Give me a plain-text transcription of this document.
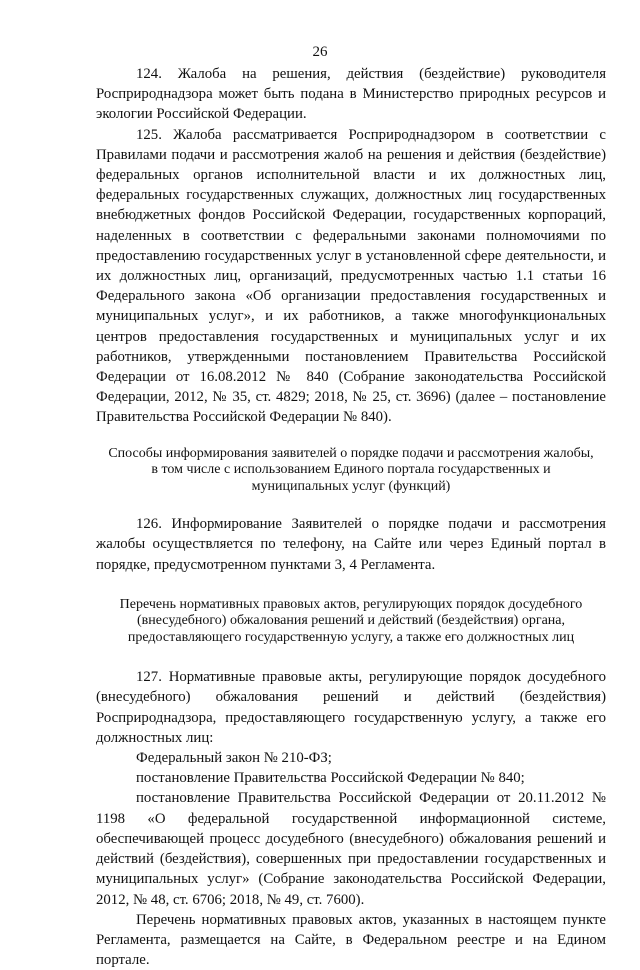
26

124. Жалоба на решения, действия (бездействие) руководителя Росприроднадзора может быть подана в Министерство природных ресурсов и экологии Российской Федерации.

125. Жалоба рассматривается Росприроднадзором в соответствии с Правилами подачи и рассмотрения жалоб на решения и действия (бездействие) федеральных органов исполнительной власти и их должностных лиц, федеральных государственных служащих, должностных лиц государственных внебюджетных фондов Российской Федерации, государственных корпораций, наделенных в соответствии с федеральными законами полномочиями по предоставлению государственных услуг в установленной сфере деятельности, и их должностных лиц, организаций, предусмотренных частью 1.1 статьи 16 Федерального закона «Об организации предоставления государственных и муниципальных услуг», и их работников, а также многофункциональных центров предоставления государственных и муниципальных услуг и их работников, утвержденными постановлением Правительства Российской Федерации от 16.08.2012 № 840 (Собрание законодательства Российской Федерации, 2012, № 35, ст. 4829; 2018, № 25, ст. 3696) (далее – постановление Правительства Российской Федерации № 840).

Способы информирования заявителей о порядке подачи и рассмотрения жалобы, в том числе с использованием Единого портала государственных и муниципальных услуг (функций)

126. Информирование Заявителей о порядке подачи и рассмотрения жалобы осуществляется по телефону, на Сайте или через Единый портал в порядке, предусмотренном пунктами 3, 4 Регламента.

Перечень нормативных правовых актов, регулирующих порядок досудебного (внесудебного) обжалования решений и действий (бездействия) органа, предоставляющего государственную услугу, а также его должностных лиц

127. Нормативные правовые акты, регулирующие порядок досудебного (внесудебного) обжалования решений и действий (бездействия) Росприроднадзора, предоставляющего государственную услугу, а также его должностных лиц:

Федеральный закон № 210-ФЗ;

постановление Правительства Российской Федерации № 840;

постановление Правительства Российской Федерации от 20.11.2012 № 1198 «О федеральной государственной информационной системе, обеспечивающей процесс досудебного (внесудебного) обжалования решений и действий (бездействия), совершенных при предоставлении государственных и муниципальных услуг» (Собрание законодательства Российской Федерации, 2012, № 48, ст. 6706; 2018, № 49, ст. 7600).

Перечень нормативных правовых актов, указанных в настоящем пункте Регламента, размещается на Сайте, в Федеральном реестре и на Едином портале.
